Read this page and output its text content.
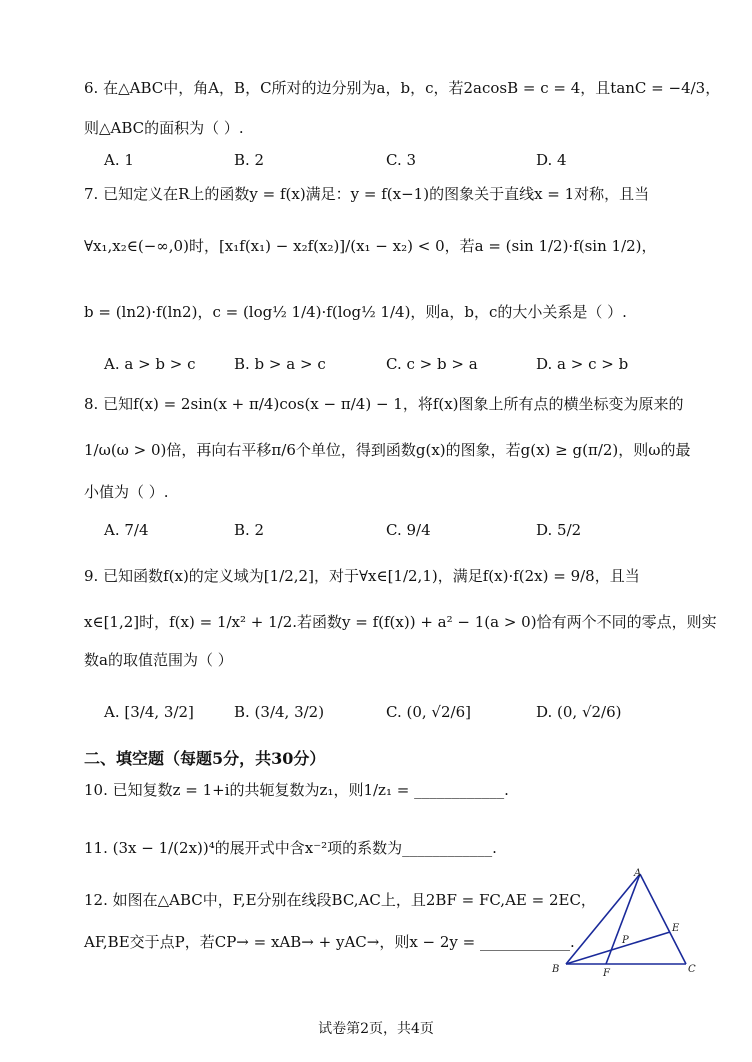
6. 在△ABC中，角A，B，C所对的边分别为a，b，c，若2acosB = c = 4，且tanC = −4/3，
则△ABC的面积为（ ）.
A. 1	B. 2	C. 3	D. 4
7. 已知定义在R上的函数y = f(x)满足：y = f(x−1)的图象关于直线x = 1对称，且当
∀x₁,x₂∈(−∞,0)时，[x₁f(x₁) − x₂f(x₂)]/(x₁ − x₂) < 0，若a = (sin 1/2)·f(sin 1/2)，
b = (ln2)·f(ln2)，c = (log½ 1/4)·f(log½ 1/4)，则a，b，c的大小关系是（ ）.
A. a > b > c	B. b > a > c	C. c > b > a	D. a > c > b
8. 已知f(x) = 2sin(x + π/4)cos(x − π/4) − 1，将f(x)图象上所有点的横坐标变为原来的
1/ω(ω > 0)倍，再向右平移π/6个单位，得到函数g(x)的图象，若g(x) ≥ g(π/2)，则ω的最
小值为（ ）.
A. 7/4	B. 2	C. 9/4	D. 5/2
9. 已知函数f(x)的定义域为[1/2,2]，对于∀x∈[1/2,1)，满足f(x)·f(2x) = 9/8，且当
x∈[1,2]时，f(x) = 1/x² + 1/2.若函数y = f(f(x)) + a² − 1(a > 0)恰有两个不同的零点，则实
数a的取值范围为（ ）
A. [3/4, 3/2]	B. (3/4, 3/2)	C. (0, √2/6]	D. (0, √2/6)
二、填空题（每题5分，共30分）
10. 已知复数z = 1+i的共轭复数为z₁，则1/z₁ = ____________.
11. (3x − 1/(2x))⁴的展开式中含x⁻²项的系数为____________.
12. 如图在△ABC中，F,E分别在线段BC,AC上，且2BF = FC,AE = 2EC，
AF,BE交于点P，若CP→ = xAB→ + yAC→，则x − 2y = ____________.
A
B	C
E
F
P
试卷第2页，共4页
